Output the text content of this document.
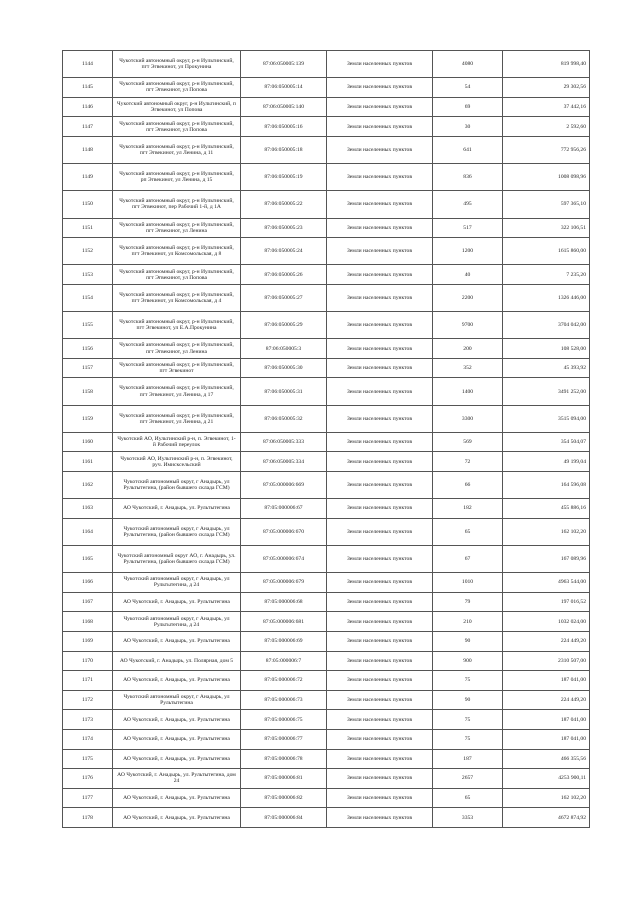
1144	Чукотский автономный округ, р-н Иультинский, пгт Эгвекинот, ул Прокунина	87:06:050005:139	Земли населенных пунктов	4080	819 998,40
1145	Чукотский автономный округ, р-н Иультинский, пгт Эгвекинот, ул Попова	87:06:050005:14	Земли населенных пунктов	54	29 302,56
1146	Чукотский автономный округ, р-н Иультинский, п Эгвекинот, ул Попова	87:06:050005:140	Земли населенных пунктов	69	37 442,16
1147	Чукотский автономный округ, р-н Иультинский, пгт Эгвекинот, ул Попова	87:06:050005:16	Земли населенных пунктов	30	2 592,60
1148	Чукотский автономный округ, р-н Иультинский, пгт Эгвекинот, ул Ленина, д 11	87:06:050005:18	Земли населенных пунктов	641	772 956,26
1149	Чукотский автономный округ, р-н Иультинский, рп Эгвекинот, ул Ленина, д 15	87:06:050005:19	Земли населенных пунктов	836	1008 098,96
1150	Чукотский автономный округ, р-н Иультинский, пгт Эгвекинот, пер Рабочий 1-й, д 1А	87:06:050005:22	Земли населенных пунктов	495	597 365,10
1151	Чукотский автономный округ, р-н Иультинский, пгт Эгвекинот, ул Ленина	87:06:050005:23	Земли населенных пунктов	517	322 106,51
1152	Чукотский автономный округ, р-н Иультинский, пгт Эгвекинот, ул Комсомольская, д 8	87:06:050005:24	Земли населенных пунктов	1200	1615 860,00
1153	Чукотский автономный округ, р-н Иультинский, пгт Эгвекинот, ул Попова	87:06:050005:26	Земли населенных пунктов	40	7 235,20
1154	Чукотский автономный округ, р-н Иультинский, пгт Эгвекинот, ул Комсомольская, д 4	87:06:050005:27	Земли населенных пунктов	2200	1326 446,00
1155	Чукотский автономный округ, р-н Иультинский, пгт Эгвекинот, ул Е.А.Прокунина	87:06:050005:29	Земли населенных пунктов	9700	3704 042,00
1156	Чукотский автономный округ, р-н Иультинский, пгт Эгвекинот, ул Ленина	87:06:050005:3	Земли населенных пунктов	200	108 528,00
1157	Чукотский автономный округ, р-н Иультинский, пгт Эгвекинот	87:06:050005:30	Земли населенных пунктов	352	45 393,92
1158	Чукотский автономный округ, р-н Иультинский, пгт Эгвекинот, ул Ленина, д 17	87:06:050005:31	Земли населенных пунктов	1400	3491 252,00
1159	Чукотский автономный округ, р-н Иультинский, пгт Эгвекинот, ул Ленина, д 21	87:06:050005:32	Земли населенных пунктов	3300	3515 094,00
1160	Чукотский АО, Иультинский р-н, п. Эгвекинот, 1-й Рабочий переулок	87:06:050005:333	Земли населенных пунктов	569	354 504,07
1161	Чукотский АО, Иультинский р-н, п. Эгвекинот, руч. Имисксельский	87:06:050005:334	Земли населенных пунктов	72	49 199,04
1162	Чукотский автономный округ, г Анадырь, ул Рультытегина, (район бывшего склада ГСМ)	87:05:000006:669	Земли населенных пунктов	66	164 596,08
1163	АО Чукотский, г. Анадырь, ул. Рультытегина	87:05:000006:67	Земли населенных пунктов	182	455 886,16
1164	Чукотский автономный округ, г Анадырь, ул Рультытегина, (район бывшего склада ГСМ)	87:05:000006:670	Земли населенных пунктов	65	162 102,20
1165	Чукотский автономный округ АО, г. Анадырь, ул. Рультытегина, (район бывшего склада ГСМ)	87:05:000006:674	Земли населенных пунктов	67	167 089,96
1166	Чукотский автономный округ, г Анадырь, ул Рультытегина, д 24	87:05:000006:679	Земли населенных пунктов	1010	4963 544,00
1167	АО Чукотский, г. Анадырь, ул. Рультытегина	87:05:000006:68	Земли населенных пунктов	79	197 016,52
1168	Чукотский автономный округ, г Анадырь, ул Рультытегина, д 24	87:05:000006:681	Земли населенных пунктов	210	1032 024,00
1169	АО Чукотский, г. Анадырь, ул. Рультытегина	87:05:000006:69	Земли населенных пунктов	90	224 449,20
1170	АО Чукотский, г. Анадырь, ул. Полярная, дом 5	87:05:000006:7	Земли населенных пунктов	900	2310 507,00
1171	АО Чукотский, г. Анадырь, ул. Рультытегина	87:05:000006:72	Земли населенных пунктов	75	187 041,00
1172	Чукотский автономный округ, г Анадырь, ул Рультытегина	87:05:000006:73	Земли населенных пунктов	90	224 449,20
1173	АО Чукотский, г. Анадырь, ул. Рультытегина	87:05:000006:75	Земли населенных пунктов	75	187 041,00
1174	АО Чукотский, г. Анадырь, ул. Рультытегина	87:05:000006:77	Земли населенных пунктов	75	187 041,00
1175	АО Чукотский, г. Анадырь, ул. Рультытегина	87:05:000006:78	Земли населенных пунктов	187	466 355,56
1176	АО Чукотский, г. Анадырь, ул. Рультытегина, дом 24	87:05:000006:81	Земли населенных пунктов	2657	4253 900,11
1177	АО Чукотский, г. Анадырь, ул. Рультытегина	87:05:000006:82	Земли населенных пунктов	65	162 102,20
1178	АО Чукотский, г. Анадырь, ул. Рультытегина	87:05:000006:84	Земли населенных пунктов	3353	4672 874,92
